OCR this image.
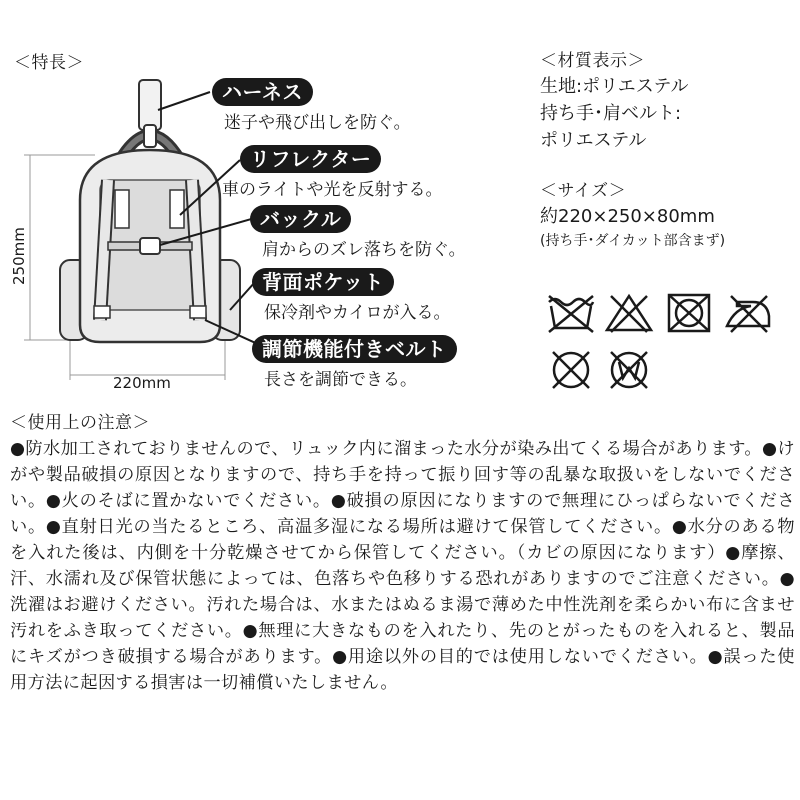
＜特長＞
250mm
220mm
ハーネス
迷子や飛び出しを防ぐ。
リフレクター
車のライトや光を反射する。
バックル
肩からのズレ落ちを防ぐ。
背面ポケット
保冷剤やカイロが入る。
調節機能付きベルト
長さを調節できる。
＜材質表示＞
生地:ポリエステル
持ち手･肩ベルト:
ポリエステル
＜サイズ＞
約220×250×80mm
(持ち手･ダイカット部含まず)
＜使用上の注意＞
●防水加工されておりませんので、リュック内に溜まった水分が染み出てくる場合があります。●けがや製品破損の原因となりますので、持ち手を持って振り回す等の乱暴な取扱いをしないでください。●火のそばに置かないでください。●破損の原因になりますので無理にひっぱらないでください。●直射日光の当たるところ、高温多湿になる場所は避けて保管してください。●水分のある物を入れた後は、内側を十分乾燥させてから保管してください。（カビの原因になります）●摩擦、汗、水濡れ及び保管状態によっては、色落ちや色移りする恐れがありますのでご注意ください。●洗濯はお避けください。汚れた場合は、水またはぬるま湯で薄めた中性洗剤を柔らかい布に含ませ汚れをふき取ってください。●無理に大きなものを入れたり、先のとがったものを入れると、製品にキズがつき破損する場合があります。●用途以外の目的では使用しないでください。●誤った使用方法に起因する損害は一切補償いたしません。
